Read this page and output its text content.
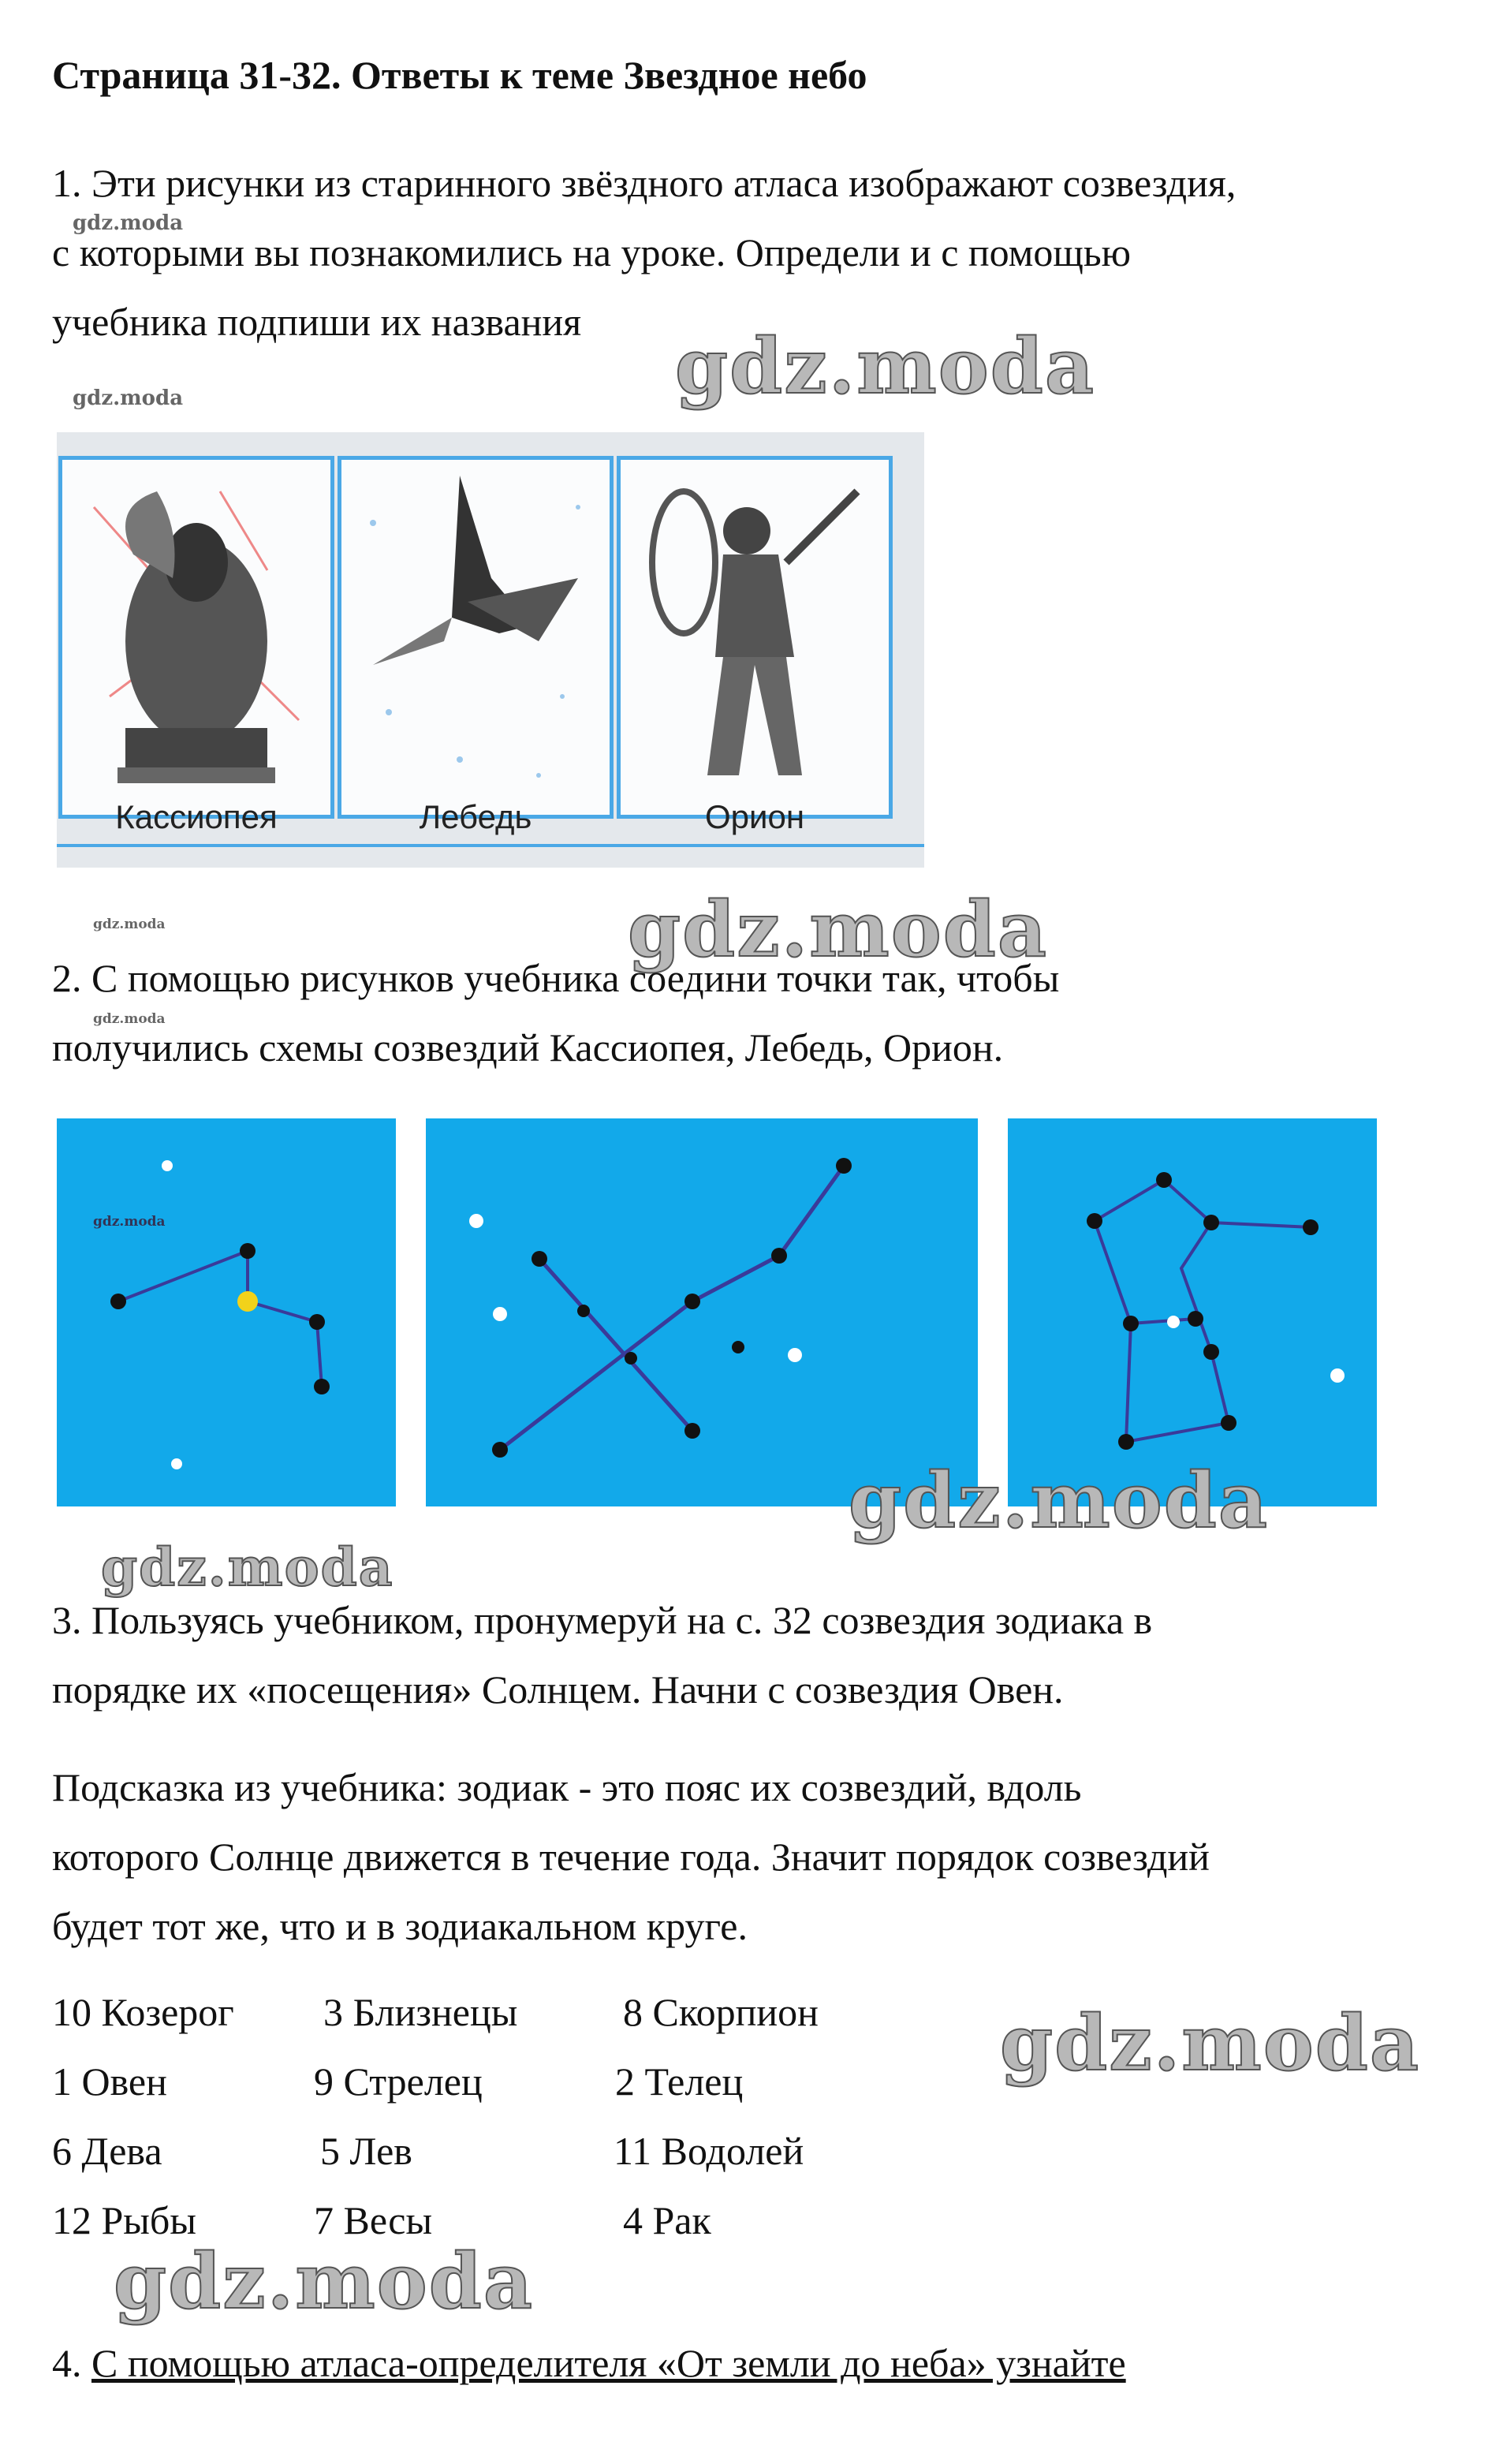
Страница 31-32. Ответы к теме Звездное небо
1. Эти рисунки из старинного звёздного атласа изображают созвездия,
с которыми вы познакомились на уроке. Определи и с помощью
учебника подпиши их названия
gdz.moda
gdz.moda	gdz.moda
Кассиопея	Лебедь	Орион
gdz.moda	gdz.moda
2. С помощью рисунков учебника соедини точки так, чтобы
gdz.moda
получились схемы созвездий Кассиопея, Лебедь, Орион.
gdz.moda
gdz.moda
gdz.moda
3. Пользуясь учебником, пронумеруй на с. 32 созвездия зодиака в
порядке их «посещения» Солнцем. Начни с созвездия Овен.
Подсказка из учебника: зодиак - это пояс их созвездий, вдоль
которого Солнце движется в течение года. Значит порядок созвездий
будет тот же, что и в зодиакальном круге.
10 Козерог 3 Близнецы	8 Скорпион
1 Овен	9 Стрелец	2 Телец
6 Дева	5 Лев	11 Водолей
12 Рыбы	7 Весы	4 Рак
gdz.moda
gdz.moda
4. С помощью атласа-определителя «От земли до неба» узнайте
